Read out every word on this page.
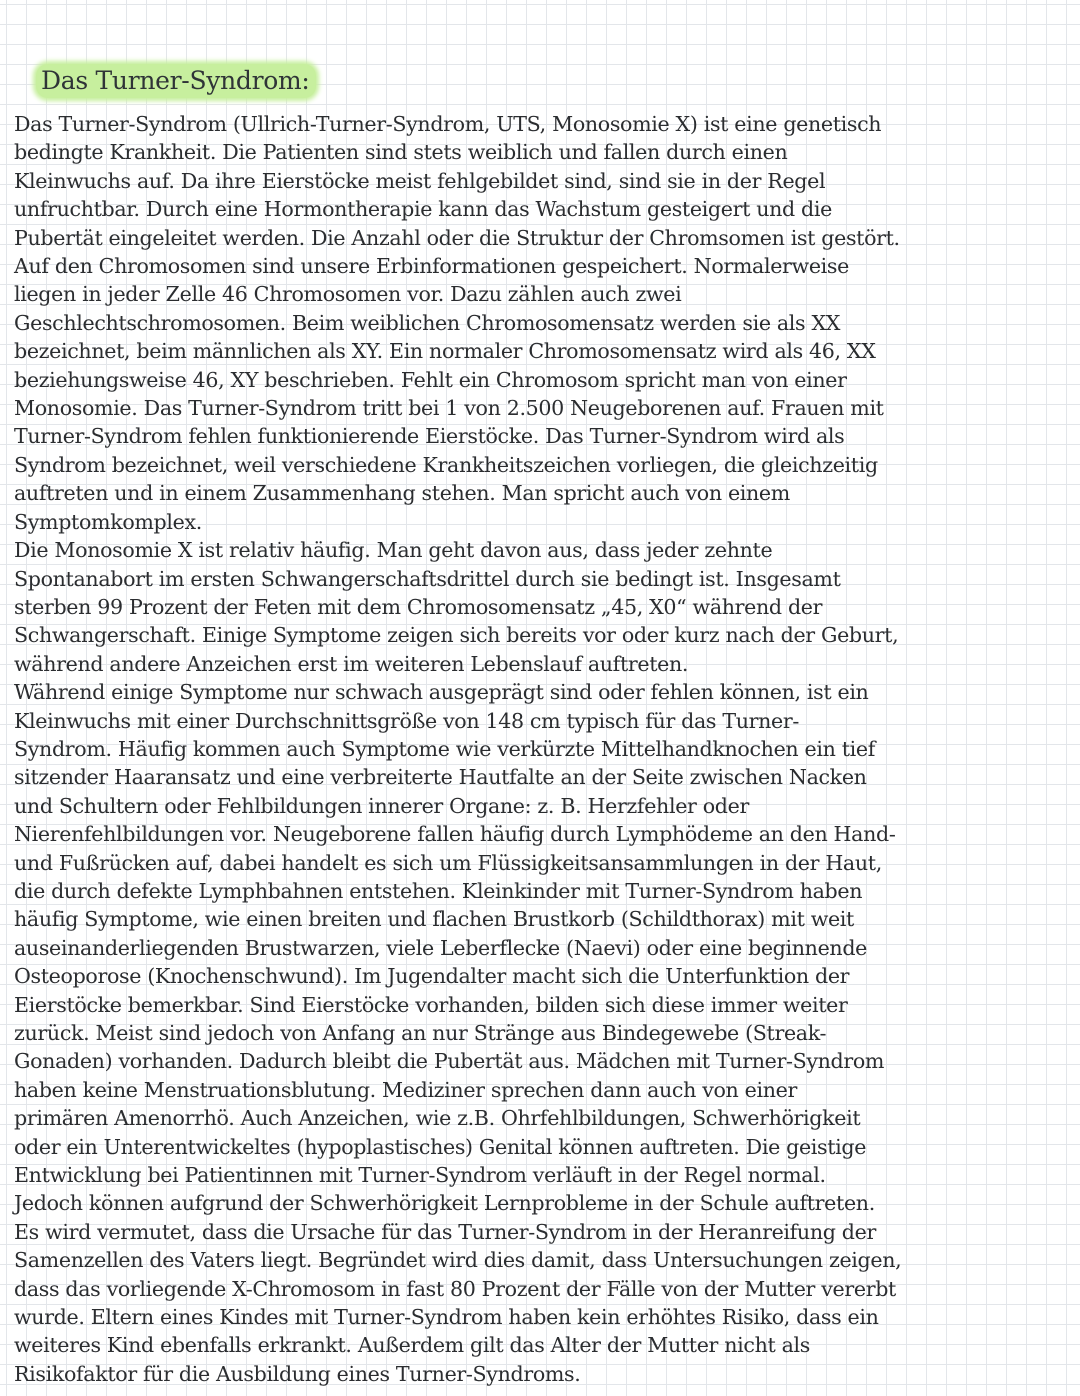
Das Turner-Syndrom:
Das Turner-Syndrom (Ullrich-Turner-Syndrom, UTS, Monosomie X) ist eine genetisch
bedingte Krankheit. Die Patienten sind stets weiblich und fallen durch einen
Kleinwuchs auf. Da ihre Eierstöcke meist fehlgebildet sind, sind sie in der Regel
unfruchtbar. Durch eine Hormontherapie kann das Wachstum gesteigert und die
Pubertät eingeleitet werden. Die Anzahl oder die Struktur der Chromsomen ist gestört.
Auf den Chromosomen sind unsere Erbinformationen gespeichert. Normalerweise
liegen in jeder Zelle 46 Chromosomen vor. Dazu zählen auch zwei
Geschlechtschromosomen. Beim weiblichen Chromosomensatz werden sie als XX
bezeichnet, beim männlichen als XY. Ein normaler Chromosomensatz wird als 46, XX
beziehungsweise 46, XY beschrieben. Fehlt ein Chromosom spricht man von einer
Monosomie. Das Turner-Syndrom tritt bei 1 von 2.500 Neugeborenen auf. Frauen mit
Turner-Syndrom fehlen funktionierende Eierstöcke. Das Turner-Syndrom wird als
Syndrom bezeichnet, weil verschiedene Krankheitszeichen vorliegen, die gleichzeitig
auftreten und in einem Zusammenhang stehen. Man spricht auch von einem
Symptomkomplex.
Die Monosomie X ist relativ häufig. Man geht davon aus, dass jeder zehnte
Spontanabort im ersten Schwangerschaftsdrittel durch sie bedingt ist. Insgesamt
sterben 99 Prozent der Feten mit dem Chromosomensatz „45, X0“ während der
Schwangerschaft. Einige Symptome zeigen sich bereits vor oder kurz nach der Geburt,
während andere Anzeichen erst im weiteren Lebenslauf auftreten.
Während einige Symptome nur schwach ausgeprägt sind oder fehlen können, ist ein
Kleinwuchs mit einer Durchschnittsgröße von 148 cm typisch für das Turner-
Syndrom. Häufig kommen auch Symptome wie verkürzte Mittelhandknochen ein tief
sitzender Haaransatz und eine verbreiterte Hautfalte an der Seite zwischen Nacken
und Schultern oder Fehlbildungen innerer Organe: z. B. Herzfehler oder
Nierenfehlbildungen vor. Neugeborene fallen häufig durch Lymphödeme an den Hand-
und Fußrücken auf, dabei handelt es sich um Flüssigkeitsansammlungen in der Haut,
die durch defekte Lymphbahnen entstehen. Kleinkinder mit Turner-Syndrom haben
häufig Symptome, wie einen breiten und flachen Brustkorb (Schildthorax) mit weit
auseinanderliegenden Brustwarzen, viele Leberflecke (Naevi) oder eine beginnende
Osteoporose (Knochenschwund). Im Jugendalter macht sich die Unterfunktion der
Eierstöcke bemerkbar. Sind Eierstöcke vorhanden, bilden sich diese immer weiter
zurück. Meist sind jedoch von Anfang an nur Stränge aus Bindegewebe (Streak-
Gonaden) vorhanden. Dadurch bleibt die Pubertät aus. Mädchen mit Turner-Syndrom
haben keine Menstruationsblutung. Mediziner sprechen dann auch von einer
primären Amenorrhö. Auch Anzeichen, wie z.B. Ohrfehlbildungen, Schwerhörigkeit
oder ein Unterentwickeltes (hypoplastisches) Genital können auftreten. Die geistige
Entwicklung bei Patientinnen mit Turner-Syndrom verläuft in der Regel normal.
Jedoch können aufgrund der Schwerhörigkeit Lernprobleme in der Schule auftreten.
Es wird vermutet, dass die Ursache für das Turner-Syndrom in der Heranreifung der
Samenzellen des Vaters liegt. Begründet wird dies damit, dass Untersuchungen zeigen,
dass das vorliegende X-Chromosom in fast 80 Prozent der Fälle von der Mutter vererbt
wurde. Eltern eines Kindes mit Turner-Syndrom haben kein erhöhtes Risiko, dass ein
weiteres Kind ebenfalls erkrankt. Außerdem gilt das Alter der Mutter nicht als
Risikofaktor für die Ausbildung eines Turner-Syndroms.
